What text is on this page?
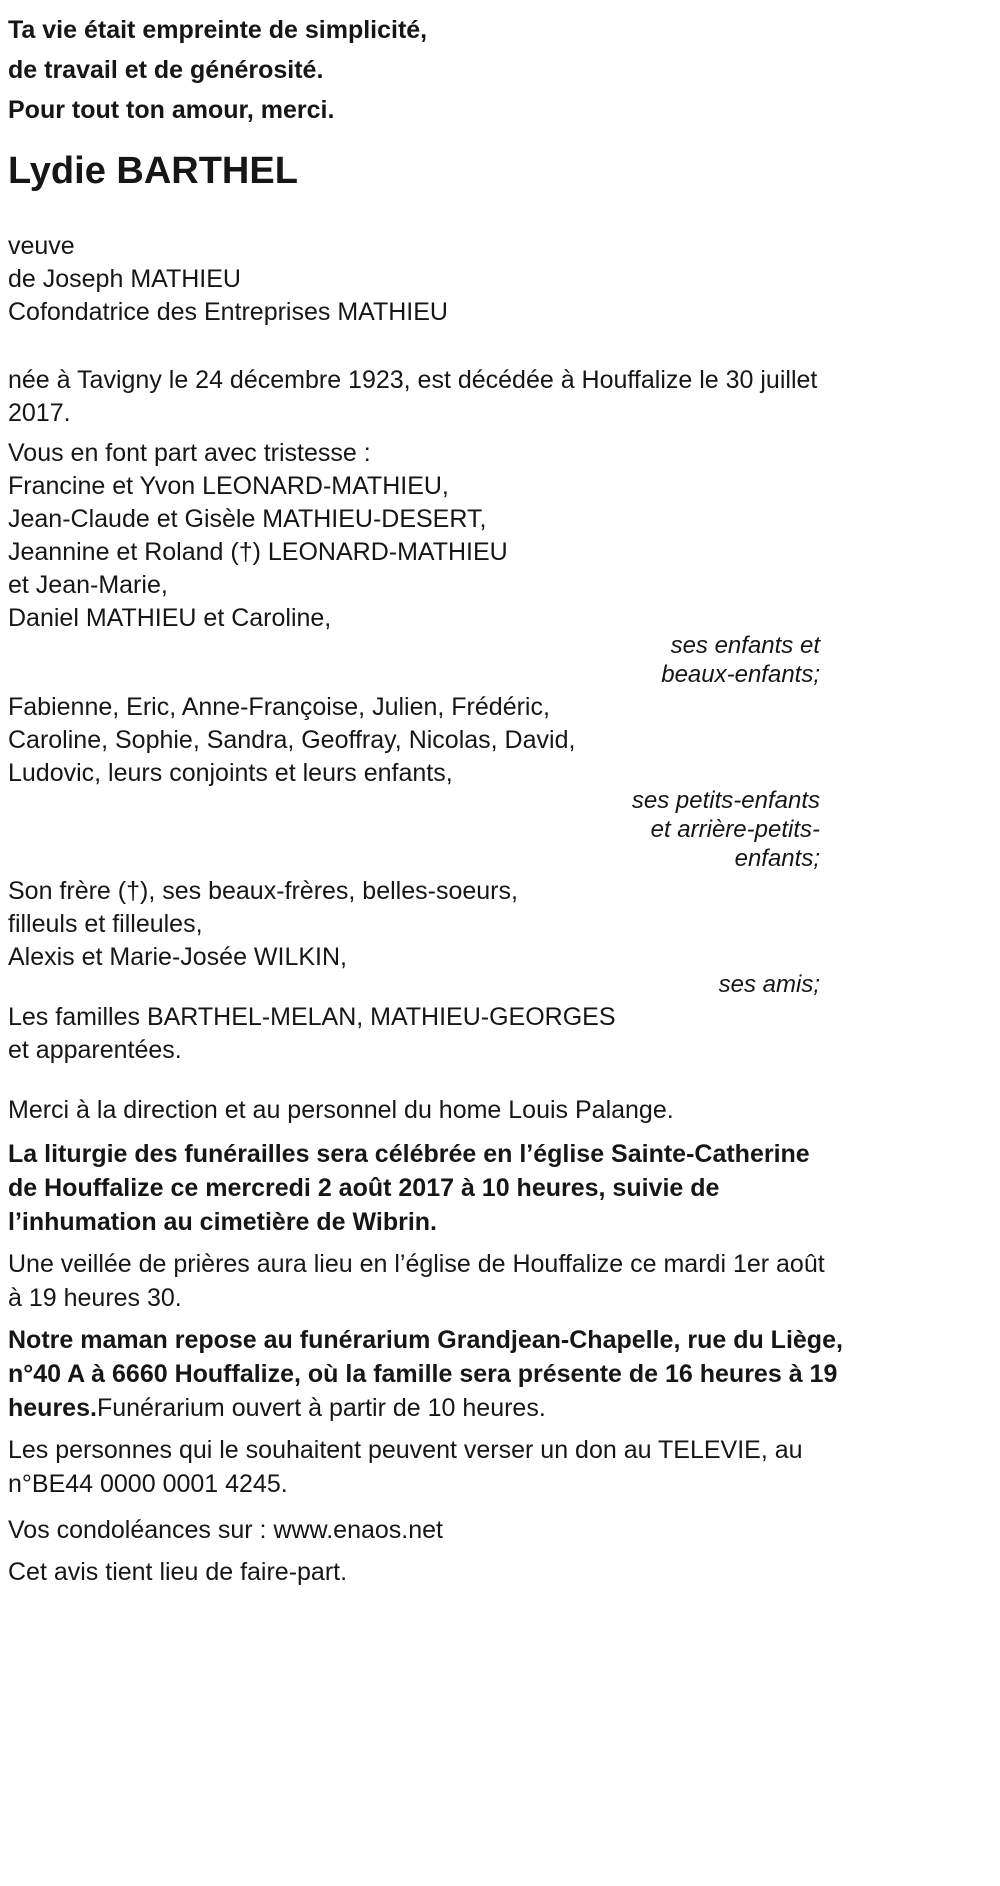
Ta vie était empreinte de simplicité,
de travail et de générosité.
Pour tout ton amour, merci.
Lydie BARTHEL
veuve
de Joseph MATHIEU
Cofondatrice des Entreprises MATHIEU
née à Tavigny le 24 décembre 1923, est décédée à Houffalize le 30 juillet
2017.
Vous en font part avec tristesse :
Francine et Yvon LEONARD-MATHIEU,
Jean-Claude et Gisèle MATHIEU-DESERT,
Jeannine et Roland (†) LEONARD-MATHIEU
et Jean-Marie,
Daniel MATHIEU et Caroline,
ses enfants et
beaux-enfants;
Fabienne, Eric, Anne-Françoise, Julien, Frédéric,
Caroline, Sophie, Sandra, Geoffray, Nicolas, David,
Ludovic, leurs conjoints et leurs enfants,
ses petits-enfants
et arrière-petits-
enfants;
Son frère (†), ses beaux-frères, belles-soeurs,
filleuls et filleules,
Alexis et Marie-Josée WILKIN,
ses amis;
Les familles BARTHEL-MELAN, MATHIEU-GEORGES
et apparentées.

Merci à la direction et au personnel du home Louis Palange.

La liturgie des funérailles sera célébrée en l’église Sainte-Catherine
de Houffalize ce mercredi 2 août 2017 à 10 heures, suivie de
l’inhumation au cimetière de Wibrin.

Une veillée de prières aura lieu en l’église de Houffalize ce mardi 1er août
à 19 heures 30.

Notre maman repose au funérarium Grandjean-Chapelle, rue du Liège,
n°40 A à 6660 Houffalize, où la famille sera présente de 16 heures à 19
heures.Funérarium ouvert à partir de 10 heures.

Les personnes qui le souhaitent peuvent verser un don au TELEVIE, au
n°BE44 0000 0001 4245.

Vos condoléances sur : www.enaos.net

Cet avis tient lieu de faire-part.
